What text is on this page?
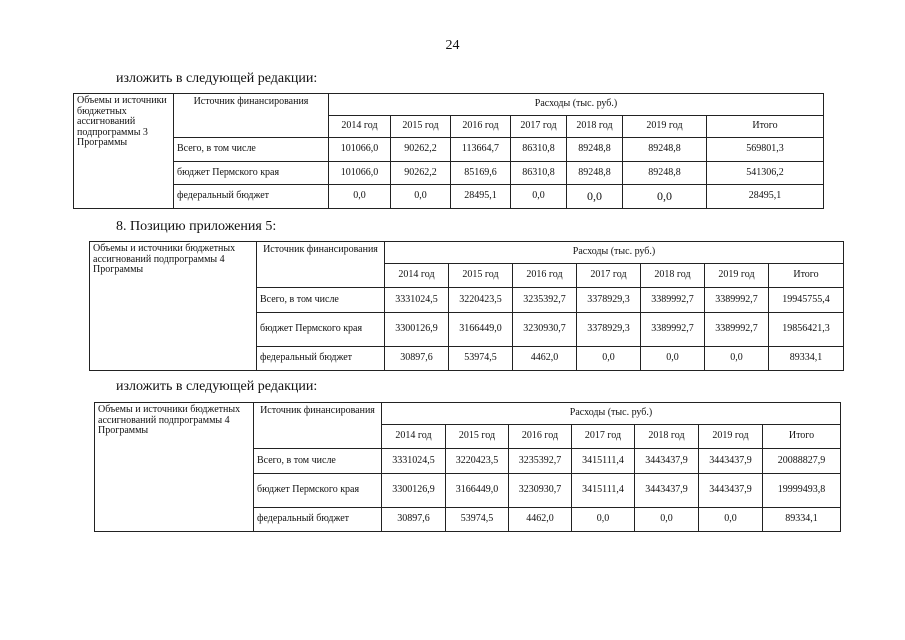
24
изложить в следующей редакции:
Объемы и источники бюджетных ассигнований подпрограммы 3 Программы	Источник финансирования	Расходы (тыс. руб.)						
		2014 год	2015 год	2016 год	2017 год	2018 год	2019 год	Итого
	Всего, в том числе	101066,0	90262,2	113664,7	86310,8	89248,8	89248,8	569801,3
	бюджет Пермского края	101066,0	90262,2	85169,6	86310,8	89248,8	89248,8	541306,2
	федеральный бюджет	0,0	0,0	28495,1	0,0	0,0	0,0	28495,1
8. Позицию приложения 5:
Объемы и источники бюджетных ассигнований подпрограммы 4 Программы	Источник финансирования	Расходы (тыс. руб.)						
		2014 год	2015 год	2016 год	2017 год	2018 год	2019 год	Итого
	Всего, в том числе	3331024,5	3220423,5	3235392,7	3378929,3	3389992,7	3389992,7	19945755,4
	бюджет Пермского края	3300126,9	3166449,0	3230930,7	3378929,3	3389992,7	3389992,7	19856421,3
	федеральный бюджет	30897,6	53974,5	4462,0	0,0	0,0	0,0	89334,1
изложить в следующей редакции:
Объемы и источники бюджетных ассигнований подпрограммы 4 Программы	Источник финансирования	Расходы (тыс. руб.)						
		2014 год	2015 год	2016 год	2017 год	2018 год	2019 год	Итого
	Всего, в том числе	3331024,5	3220423,5	3235392,7	3415111,4	3443437,9	3443437,9	20088827,9
	бюджет Пермского края	3300126,9	3166449,0	3230930,7	3415111,4	3443437,9	3443437,9	19999493,8
	федеральный бюджет	30897,6	53974,5	4462,0	0,0	0,0	0,0	89334,1
